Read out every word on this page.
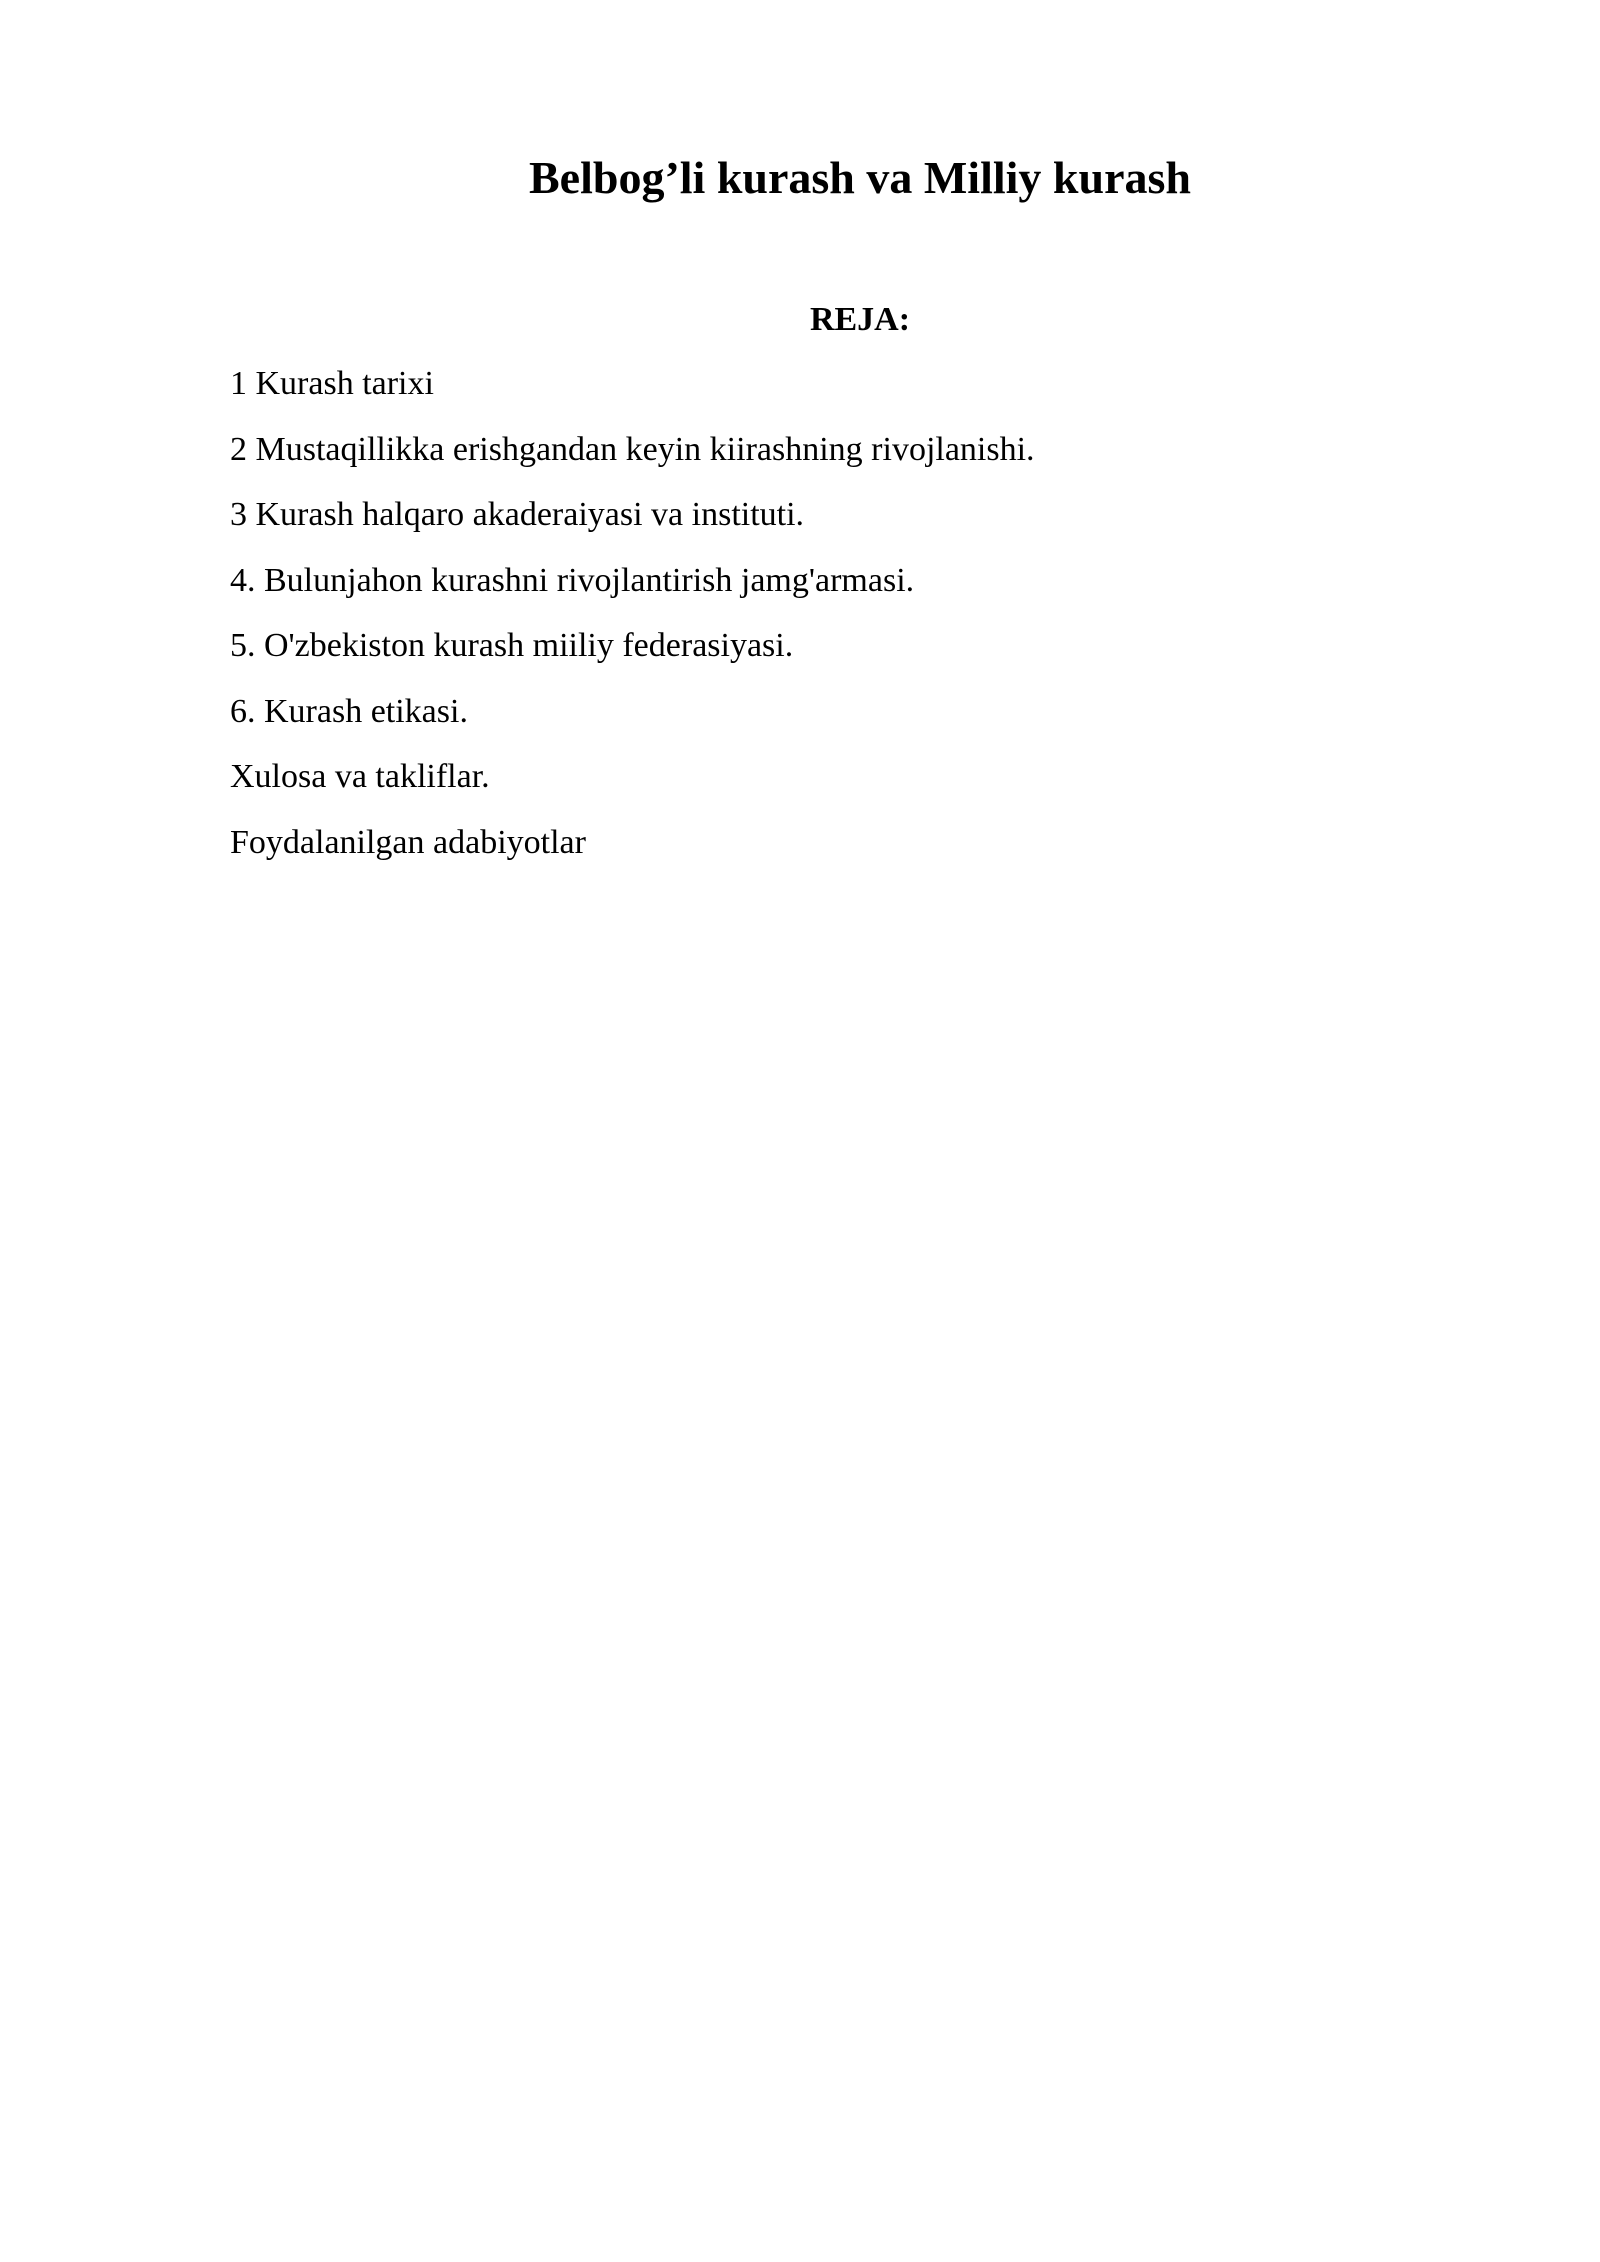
Belbog’li kurash va Milliy kurash
REJA:
1 Kurash tarixi
2 Mustaqillikka erishgandan keyin kiirashning rivojlanishi.
3 Kurash halqaro akaderaiyasi va instituti.
4. Bulunjahon kurashni rivojlantirish jamg'armasi.
5. O'zbekiston kurash miiliy federasiyasi.
6. Kurash etikasi.
Xulosa va takliflar.
Foydalanilgan adabiyotlar
